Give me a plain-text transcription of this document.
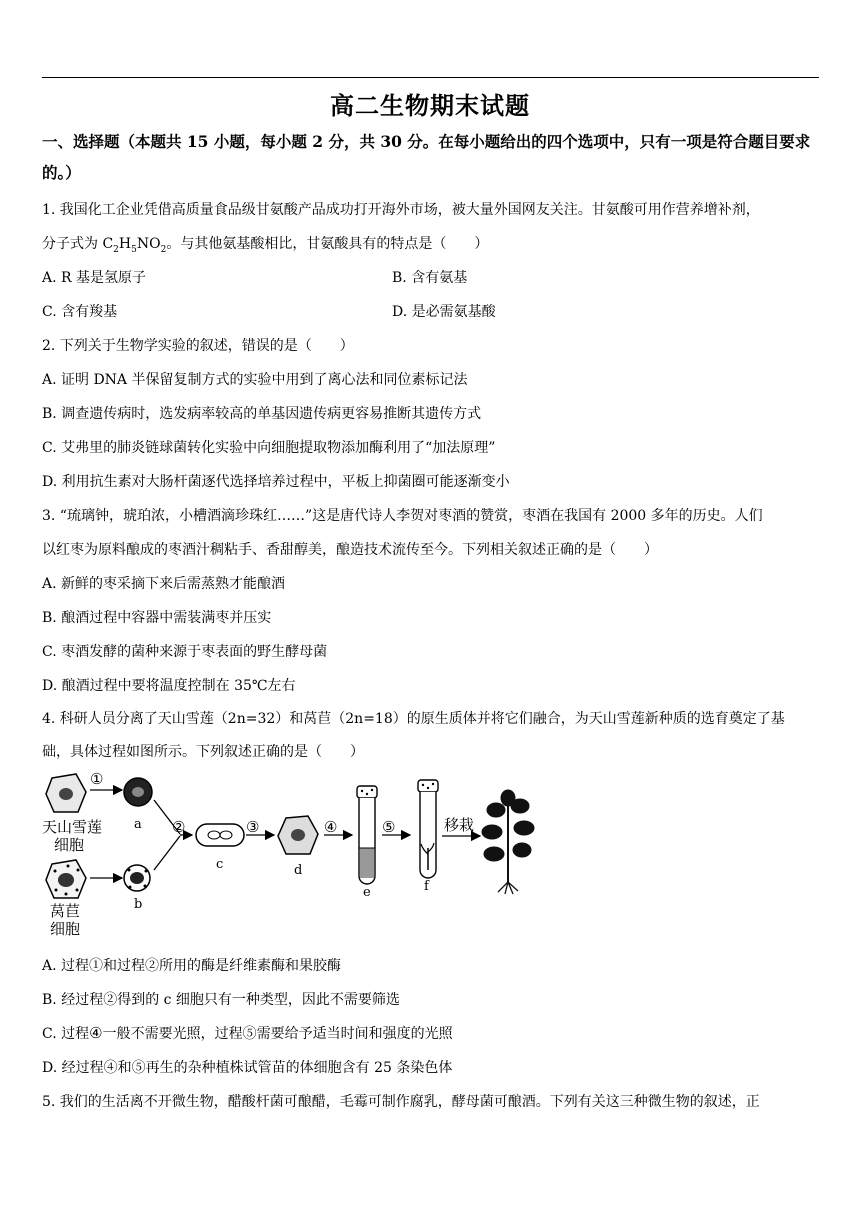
高二生物期末试题
一、选择题（本题共 15 小题，每小题 2 分，共 30 分。在每小题给出的四个选项中，只有一项是符合题目要求的。）
1. 我国化工企业凭借高质量食品级甘氨酸产品成功打开海外市场，被大量外国网友关注。甘氨酸可用作营养增补剂，
分子式为 $C_2H_5NO_2$。与其他氨基酸相比，甘氨酸具有的特点是（　　）
A. R 基是氢原子	B. 含有氨基
C. 含有羧基	D. 是必需氨基酸
2. 下列关于生物学实验的叙述，错误的是（　　）
A. 证明 DNA 半保留复制方式的实验中用到了离心法和同位素标记法
B. 调查遗传病时，选发病率较高的单基因遗传病更容易推断其遗传方式
C. 艾弗里的肺炎链球菌转化实验中向细胞提取物添加酶利用了“加法原理”
D. 利用抗生素对大肠杆菌逐代选择培养过程中，平板上抑菌圈可能逐渐变小
3. “琉璃钟，琥珀浓，小槽酒滴珍珠红……”这是唐代诗人李贺对枣酒的赞赏，枣酒在我国有 2000 多年的历史。人们
以红枣为原料酿成的枣酒汁稠粘手、香甜醇美，酿造技术流传至今。下列相关叙述正确的是（　　）
A. 新鲜的枣采摘下来后需蒸熟才能酿酒
B. 酿酒过程中容器中需装满枣并压实
C. 枣酒发酵的菌种来源于枣表面的野生酵母菌
D. 酿酒过程中要将温度控制在 35℃左右
4. 科研人员分离了天山雪莲（2n=32）和莴苣（2n=18）的原生质体并将它们融合，为天山雪莲新种质的选育奠定了基
础，具体过程如图所示。下列叙述正确的是（　　）
①
a
天山雪莲
细胞
b
莴苣
细胞
②
c
③
d
④
e
⑤
f
移栽
A. 过程①和过程②所用的酶是纤维素酶和果胶酶
B. 经过程②得到的 c 细胞只有一种类型，因此不需要筛选
C. 过程④一般不需要光照，过程⑤需要给予适当时间和强度的光照
D. 经过程④和⑤再生的杂种植株试管苗的体细胞含有 25 条染色体
5. 我们的生活离不开微生物，醋酸杆菌可酿醋，毛霉可制作腐乳，酵母菌可酿酒。下列有关这三种微生物的叙述，正
